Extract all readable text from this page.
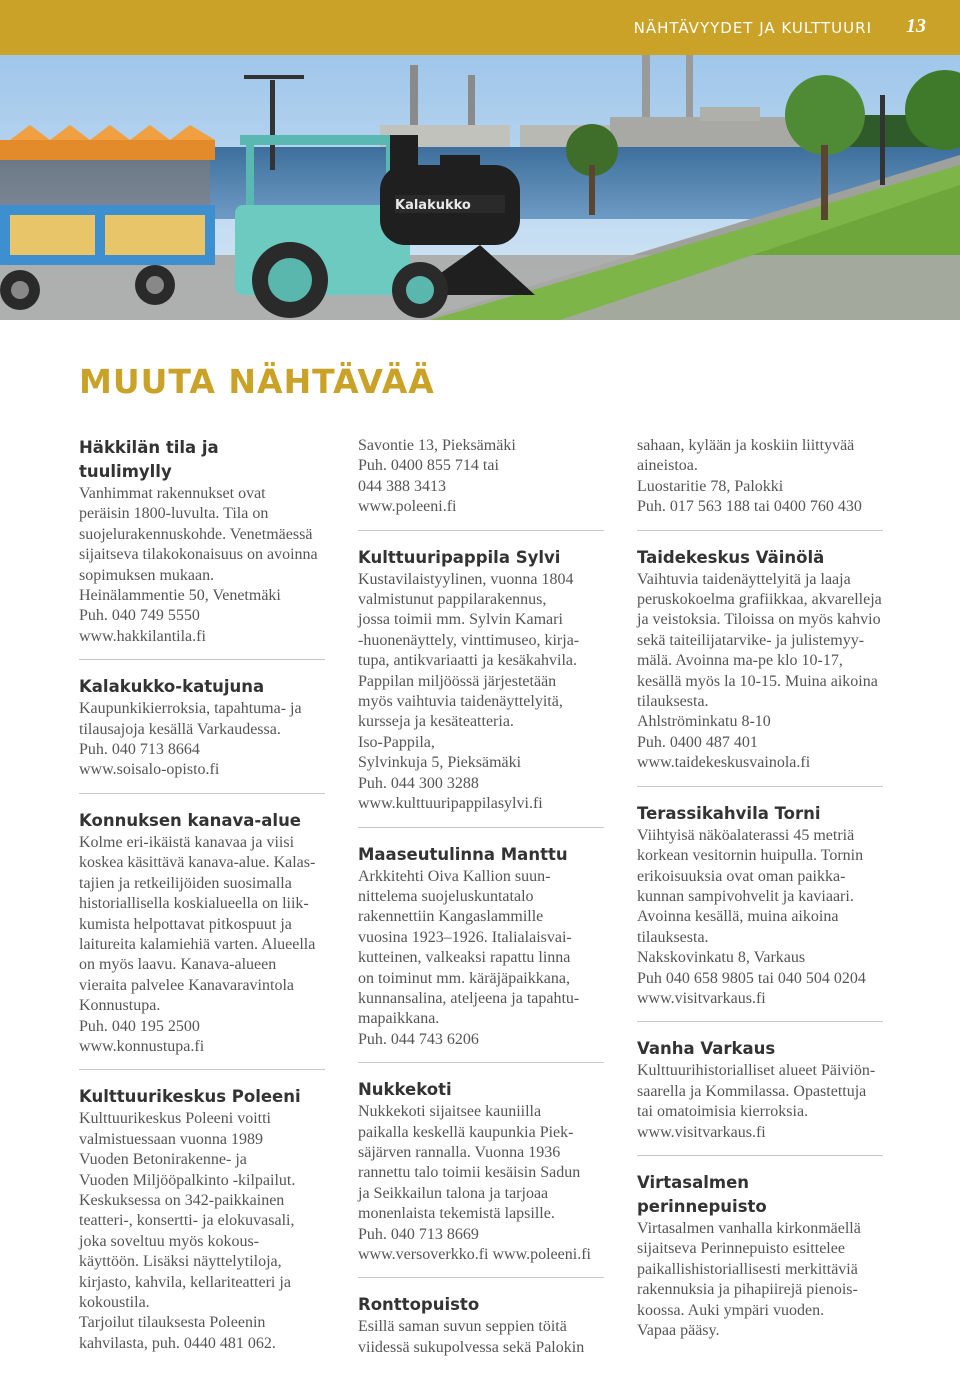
NÄHTÄVYYDET JA KULTTUURI 13
Kalakukko
MUUTA NÄHTÄVÄÄ

Häkkilän tila ja
tuulimylly

Vanhimmat rakennukset ovat
peräisin 1800-luvulta. Tila on
suojelurakennuskohde. Venetmäessä
sijaitseva tilakokonaisuus on avoinna
sopimuksen mukaan.
Heinälammentie 50, Venetmäki
Puh. 040 749 5550
www.hakkilantila.fi

Kalakukko-katujuna

Kaupunkikierroksia, tapahtuma- ja
tilausajoja kesällä Varkaudessa.
Puh. 040 713 8664
www.soisalo-opisto.fi

Konnuksen kanava-alue

Kolme eri-ikäistä kanavaa ja viisi
koskea käsittävä kanava-alue. Kalas-
tajien ja retkeilijöiden suosimalla
historiallisella koskialueella on liik-
kumista helpottavat pitkospuut ja
laitureita kalamiehiä varten. Alueella
on myös laavu. Kanava-alueen
vieraita palvelee Kanavaravintola
Konnustupa.
Puh. 040 195 2500
www.konnustupa.fi

Kulttuurikeskus Poleeni

Kulttuurikeskus Poleeni voitti
valmistuessaan vuonna 1989
Vuoden Betonirakenne- ja
Vuoden Miljööpalkinto -kilpailut.
Keskuksessa on 342-paikkainen
teatteri-, konsertti- ja elokuvasali,
joka soveltuu myös kokous-
käyttöön. Lisäksi näyttelytiloja,
kirjasto, kahvila, kellariteatteri ja
kokoustila.
Tarjoilut tilauksesta Poleenin
kahvilasta, puh. 0440 481 062.

Savontie 13, Pieksämäki
Puh. 0400 855 714 tai
044 388 3413
www.poleeni.fi

Kulttuuripappila Sylvi

Kustavilaistyylinen, vuonna 1804
valmistunut pappilarakennus,
jossa toimii mm. Sylvin Kamari
-huonenäyttely, vinttimuseo, kirja-
tupa, antikvariaatti ja kesäkahvila.
Pappilan miljöössä järjestetään
myös vaihtuvia taidenäyttelyitä,
kursseja ja kesäteatteria.
Iso-Pappila,
Sylvinkuja 5, Pieksämäki
Puh. 044 300 3288
www.kulttuuripappilasylvi.fi

Maaseutulinna Manttu

Arkkitehti Oiva Kallion suun-
nittelema suojeluskuntatalo
rakennettiin Kangaslammille
vuosina 1923–1926. Italialaisvai-
kutteinen, valkeaksi rapattu linna
on toiminut mm. käräjäpaikkana,
kunnansalina, ateljeena ja tapahtu-
mapaikkana.
Puh. 044 743 6206

Nukkekoti

Nukkekoti sijaitsee kauniilla
paikalla keskellä kaupunkia Piek-
säjärven rannalla. Vuonna 1936
rannettu talo toimii kesäisin Sadun
ja Seikkailun talona ja tarjoaa
monenlaista tekemistä lapsille.
Puh. 040 713 8669
www.versoverkko.fi www.poleeni.fi

Ronttopuisto

Esillä saman suvun seppien töitä
viidessä sukupolvessa sekä Palokin

sahaan, kylään ja koskiin liittyvää
aineistoa.
Luostaritie 78, Palokki
Puh. 017 563 188 tai 0400 760 430

Taidekeskus Väinölä

Vaihtuvia taidenäyttelyitä ja laaja
peruskokoelma grafiikkaa, akvarelleja
ja veistoksia. Tiloissa on myös kahvio
sekä taiteilijatarvike- ja julistemyy-
mälä. Avoinna ma-pe klo 10-17,
kesällä myös la 10-15. Muina aikoina
tilauksesta.
Ahlströminkatu 8-10
Puh. 0400 487 401
www.taidekeskusvainola.fi

Terassikahvila Torni

Viihtyisä näköalaterassi 45 metriä
korkean vesitornin huipulla. Tornin
erikoisuuksia ovat oman paikka-
kunnan sampivohvelit ja kaviaari.
Avoinna kesällä, muina aikoina
tilauksesta.
Nakskovinkatu 8, Varkaus
Puh 040 658 9805 tai 040 504 0204
www.visitvarkaus.fi

Vanha Varkaus

Kulttuurihistorialliset alueet Päiviön-
saarella ja Kommilassa. Opastettuja
tai omatoimisia kierroksia.
www.visitvarkaus.fi

Virtasalmen
perinnepuisto

Virtasalmen vanhalla kirkonmäellä
sijaitseva Perinnepuisto esittelee
paikallishistoriallisesti merkittäviä
rakennuksia ja pihapiirejä pienois-
koossa. Auki ympäri vuoden.
Vapaa pääsy.
